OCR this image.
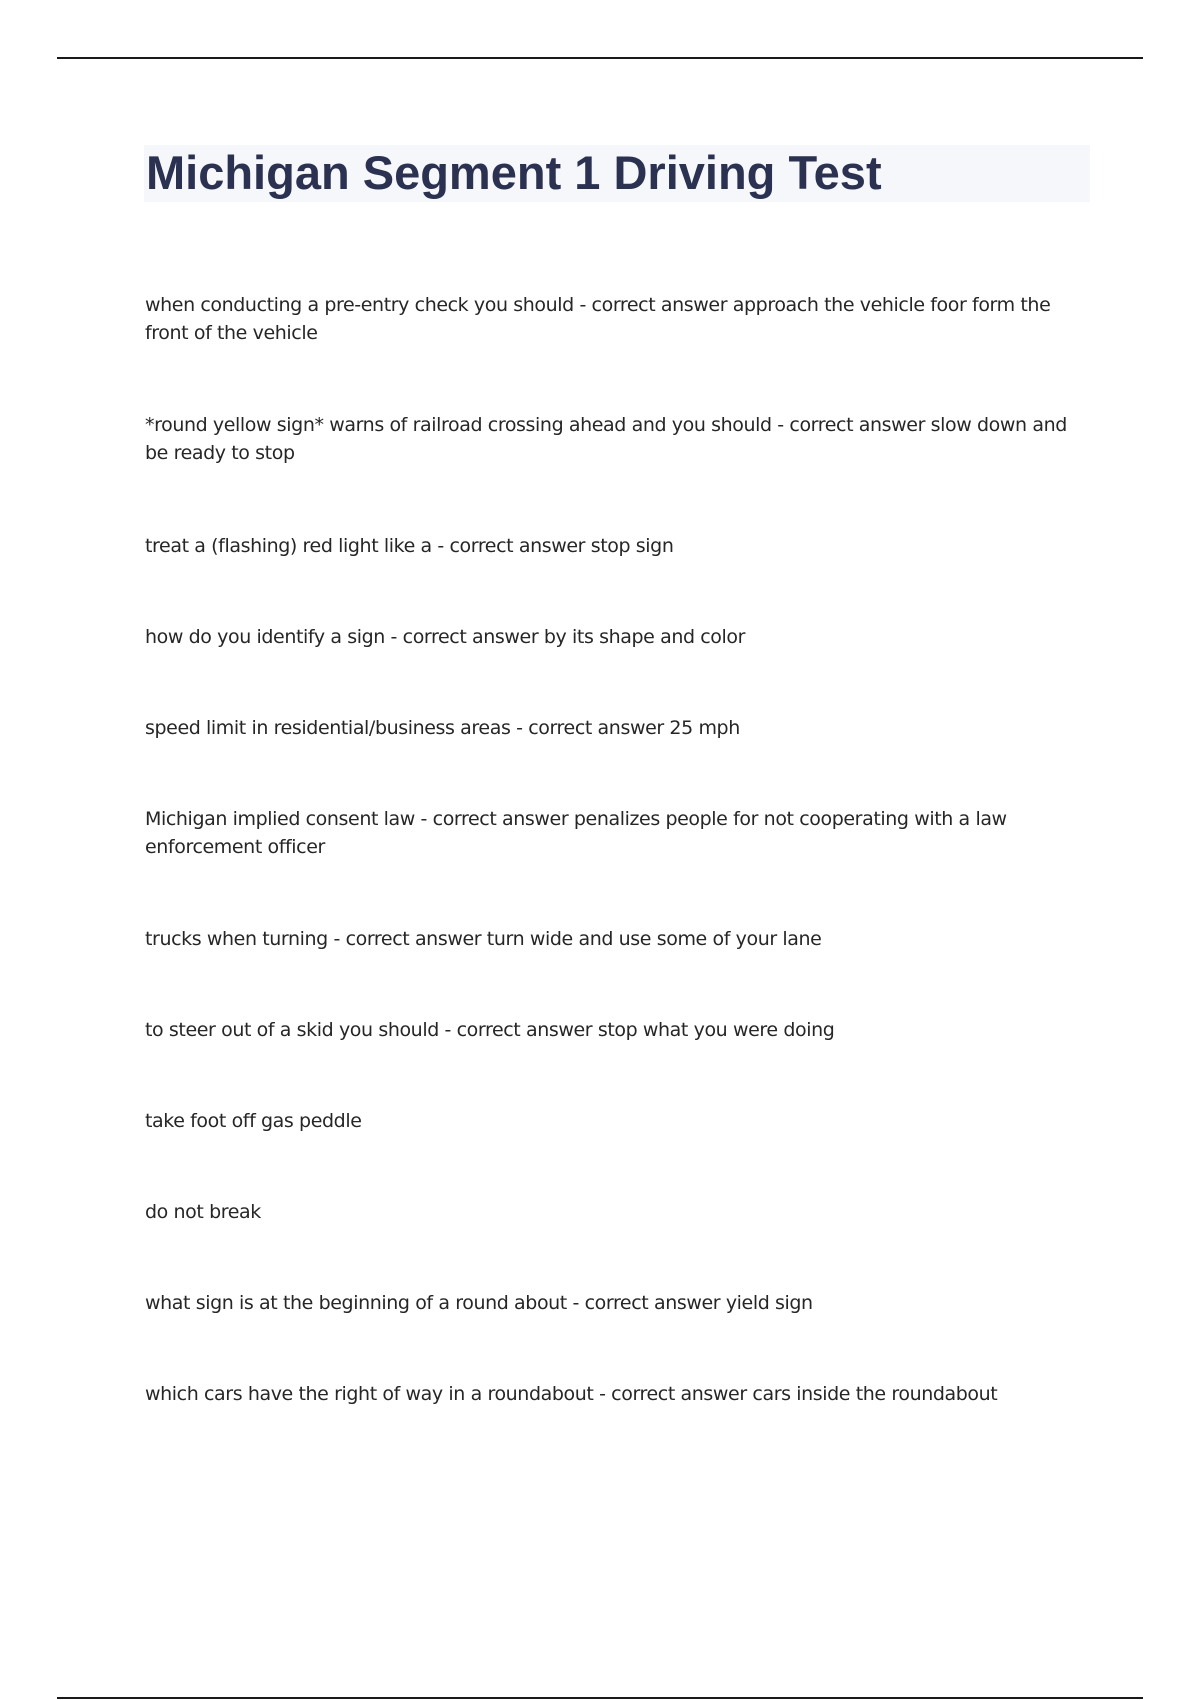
Michigan Segment 1 Driving Test

when conducting a pre-entry check you should - correct answer approach the vehicle foor form the front of the vehicle

*round yellow sign* warns of railroad crossing ahead and you should - correct answer slow down and be ready to stop

treat a (flashing) red light like a - correct answer stop sign

how do you identify a sign - correct answer by its shape and color

speed limit in residential/business areas - correct answer 25 mph

Michigan implied consent law - correct answer penalizes people for not cooperating with a law enforcement officer

trucks when turning - correct answer turn wide and use some of your lane

to steer out of a skid you should - correct answer stop what you were doing

take foot off gas peddle

do not break

what sign is at the beginning of a round about - correct answer yield sign

which cars have the right of way in a roundabout - correct answer cars inside the roundabout
